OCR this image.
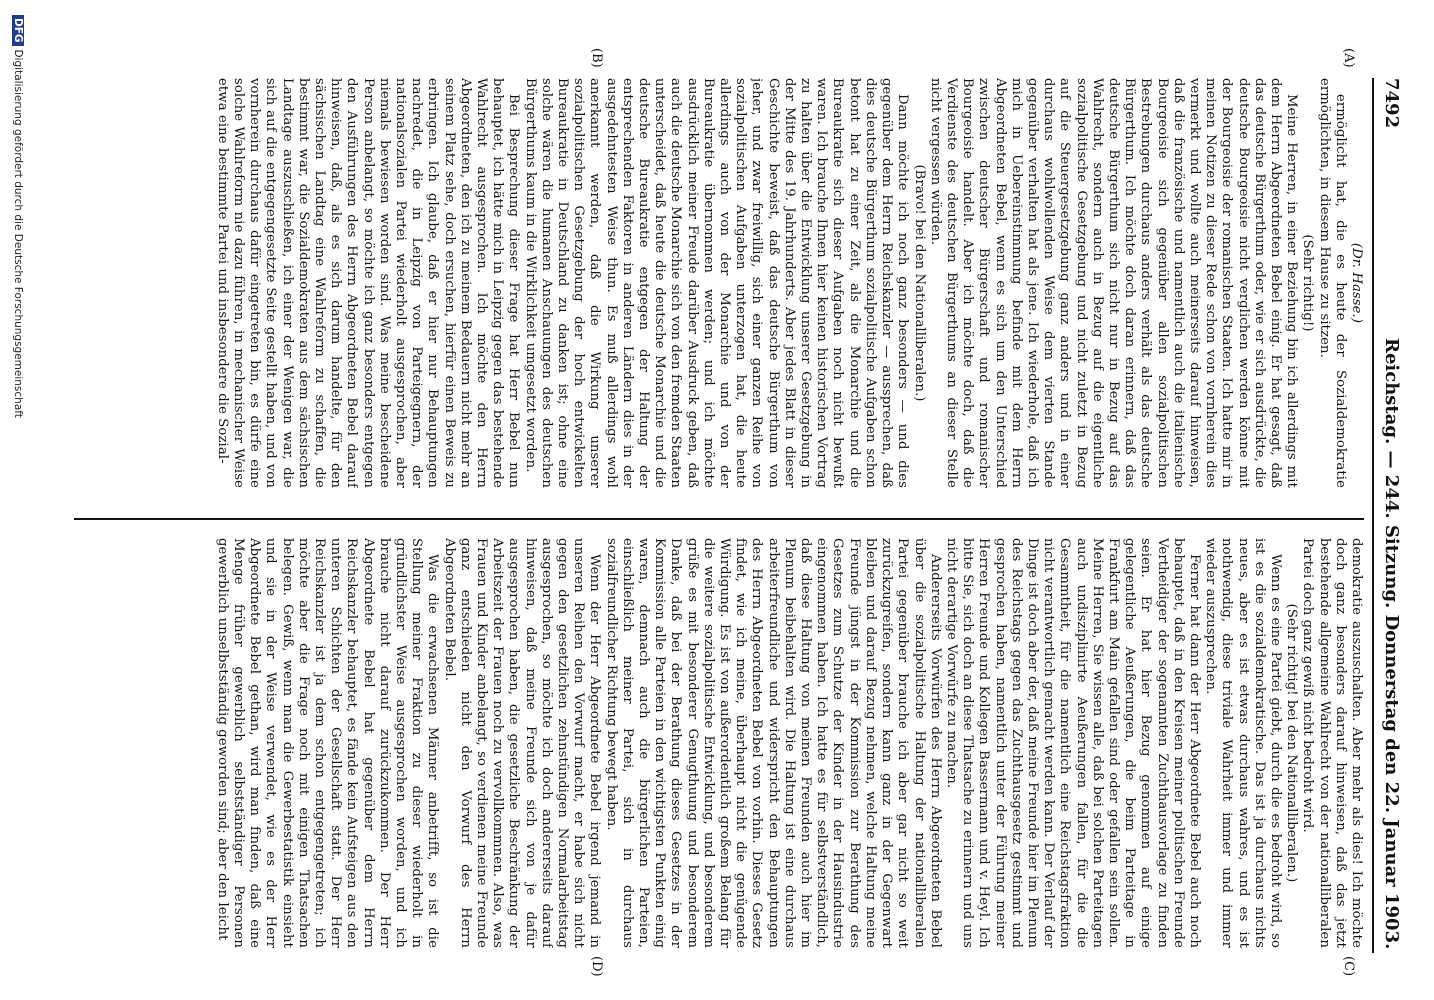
7492
Reichstag. — 244. Sitzung. Donnerstag den 22. Januar 1903.
(A)
(B)
(C)
(D)

(Dr. Hasse.)

ermöglicht hat, die es heute der Sozialdemokratie ermöglichten, in diesem Hause zu sitzen.

(Sehr richtig!)

Meine Herren, in einer Beziehung bin ich allerdings mit dem Herrn Abgeordneten Bebel einig. Er hat gesagt, daß das deutsche Bürgerthum oder, wie er sich ausdrückte, die deutsche Bourgeoisie nicht verglichen werden könne mit der Bourgeoisie der romanischen Staaten. Ich hatte mir in meinen Notizen zu dieser Rede schon von vornherein dies vermerkt und wollte auch meinerseits darauf hinweisen, daß die französische und namentlich auch die italienische Bourgeoisie sich gegenüber allen sozialpolitischen Bestrebungen durchaus anders verhält als das deutsche Bürgerthum. Ich möchte doch daran erinnern, daß das deutsche Bürgerthum sich nicht nur in Bezug auf das Wahlrecht, sondern auch in Bezug auf die eigentliche sozialpolitische Gesetzgebung und nicht zuletzt in Bezug auf die Steuergesetzgebung ganz anders und in einer durchaus wohlwollenden Weise dem vierten Stande gegenüber verhalten hat als jene. Ich wiederhole, daß ich mich in Uebereinstimmung befinde mit dem Herrn Abgeordneten Bebel, wenn es sich um den Unterschied zwischen deutscher Bürgerschaft und romanischer Bourgeoisie handelt. Aber ich möchte doch, daß die Verdienste des deutschen Bürgerthums an dieser Stelle nicht vergessen würden.

(Bravo! bei den Nationalliberalen.)

Dann möchte ich noch ganz besonders — und dies gegenüber dem Herrn Reichskanzler — aussprechen, daß dies deutsche Bürgerthum sozialpolitische Aufgaben schon betont hat zu einer Zeit, als die Monarchie und die Bureaukratie sich dieser Aufgaben noch nicht bewußt waren. Ich brauche Ihnen hier keinen historischen Vortrag zu halten über die Entwicklung unserer Gesetzgebung in der Mitte des 19. Jahrhunderts. Aber jedes Blatt in dieser Geschichte beweist, daß das deutsche Bürgerthum von jeher, und zwar freiwillig, sich einer ganzen Reihe von sozialpolitischen Aufgaben unterzogen hat, die heute allerdings auch von der Monarchie und von der Bureaukratie übernommen werden; und ich möchte ausdrücklich meiner Freude darüber Ausdruck geben, daß auch die deutsche Monarchie sich von den fremden Staaten unterscheidet, daß heute die deutsche Monarchie und die deutsche Bureaukratie entgegen der Haltung der entsprechenden Faktoren in anderen Ländern dies in der ausgedehntesten Weise thun. Es muß allerdings wohl anerkannt werden, daß die Wirkung unserer sozialpolitischen Gesetzgebung der hoch entwickelten Bureaukratie in Deutschland zu danken ist; ohne eine solche wären die humanen Anschauungen des deutschen Bürgerthums kaum in die Wirklichkeit umgesetzt worden.

Bei Besprechung dieser Frage hat Herr Bebel nun behauptet, ich hätte mich in Leipzig gegen das bestehende Wahlrecht ausgesprochen. Ich möchte den Herrn Abgeordneten, den ich zu meinem Bedauern nicht mehr an seinem Platz sehe, doch ersuchen, hierfür einen Beweis zu erbringen. Ich glaube, daß er hier nur Behauptungen nachredet, die in Leipzig von Parteigegnern, der nationalsozialen Partei wiederholt ausgesprochen, aber niemals bewiesen worden sind. Was meine bescheidene Person anbelangt, so möchte ich ganz besonders entgegen den Ausführungen des Herrn Abgeordneten Bebel darauf hinweisen, daß, als es sich darum handelte, für den sächsischen Landtag eine Wahlreform zu schaffen, die bestimmt war, die Sozialdemokraten aus dem sächsischen Landtage auszuschließen, ich einer der Wenigen war, die sich auf die entgegengesetzte Seite gestellt haben, und von vornherein durchaus dafür eingetreten bin, es dürfe eine solche Wahlreform nie dazu führen, in mechanischer Weise etwa eine bestimmte Partei und insbesondere die Sozial-

demokratie auszuschalten. Aber mehr als dies! Ich möchte doch ganz besonders darauf hinweisen, daß das jetzt bestehende allgemeine Wahlrecht von der nationalliberalen Partei doch ganz gewiß nicht bedroht wird.

(Sehr richtig! bei den Nationalliberalen.)

Wenn es eine Partei giebt, durch die es bedroht wird, so ist es die sozialdemokratische. Das ist ja durchaus nichts neues, aber es ist etwas durchaus wahres, und es ist nothwendig, diese triviale Wahrheit immer und immer wieder auszusprechen.

Ferner hat dann der Herr Abgeordnete Bebel auch noch behauptet, daß in den Kreisen meiner politischen Freunde Vertheidiger der sogenannten Zuchthausvorlage zu finden seien. Er hat hier Bezug genommen auf einige gelegentliche Aeußerungen, die beim Parteitage in Frankfurt am Main gefallen sind oder gefallen sein sollen. Meine Herren, Sie wissen alle, daß bei solchen Parteitagen auch undisziplinirte Aeußerungen fallen, für die die Gesammtheit, für die namentlich eine Reichstagsfraktion nicht verantwortlich gemacht werden kann. Der Verlauf der Dinge ist doch aber der, daß meine Freunde hier im Plenum des Reichstags gegen das Zuchthausgesetz gestimmt und gesprochen haben, namentlich unter der Führung meiner Herren Freunde und Kollegen Bassermann und v. Heyl. Ich bitte Sie, sich doch an diese Thatsache zu erinnern und uns nicht derartige Vorwürfe zu machen.

Andererseits Vorwürfen des Herrn Abgeordneten Bebel über die sozialpolitische Haltung der nationalliberalen Partei gegenüber brauche ich aber gar nicht so weit zurückzugreifen, sondern kann ganz in der Gegenwart bleiben und darauf Bezug nehmen, welche Haltung meine Freunde jüngst in der Kommission zur Berathung des Gesetzes zum Schutze der Kinder in der Hausindustrie eingenommen haben. Ich hatte es für selbstverständlich, daß diese Haltung von meinen Freunden auch hier im Plenum beibehalten wird. Die Haltung ist eine durchaus arbeiterfreundliche und widerspricht den Behauptungen des Herrn Abgeordneten Bebel von vorhin. Dieses Gesetz findet, wie ich meine, überhaupt nicht die genügende Würdigung. Es ist von außerordentlich großem Belang für die weitere sozialpolitische Entwicklung, und besonderem grüße es mit besonderer Genugthuung und besonderem Danke, daß bei der Berathung dieses Gesetzes in der Kommission alle Parteien in den wichtigsten Punkten einig waren, demnach auch die bürgerlichen Parteien, einschließlich meiner Partei, sich in durchaus sozialfreundlicher Richtung bewegt haben.

Wenn der Herr Abgeordnete Bebel irgend jemand in unseren Reihen den Vorwurf macht, er habe sich nicht gegen den gesetzlichen zehnstündigen Normalarbeitstag ausgesprochen, so möchte ich doch andererseits darauf hinweisen, daß meine Freunde sich von je dafür ausgesprochen haben, die gesetzliche Beschränkung der Arbeitszeit der Frauen noch zu vervollkommnen. Also, was Frauen und Kinder anbelangt, so verdienen meine Freunde ganz entschieden nicht den Vorwurf des Herrn Abgeordneten Bebel.

Was die erwachsenen Männer anbetrifft, so ist die Stellung meiner Fraktion zu dieser wiederholt in gründlichster Weise ausgesprochen worden, und ich brauche nicht darauf zurückzukommen. Der Herr Abgeordnete Bebel hat gegenüber dem Herrn Reichskanzler behauptet, es fände kein Aufsteigen aus den unteren Schichten der Gesellschaft statt. Der Herr Reichskanzler ist ja dem schon entgegengetreten; ich möchte aber die Frage noch mit einigen Thatsachen belegen. Gewiß, wenn man die Gewerbestatistik einsieht und sie in der Weise verwendet, wie es der Herr Abgeordnete Bebel gethan, wird man finden, daß eine Menge früher gewerblich selbstständiger Personen gewerblich unselbstständig geworden sind; aber den leicht

DFGDigitalisierung gefördert durch die Deutsche Forschungsgemeinschaft
